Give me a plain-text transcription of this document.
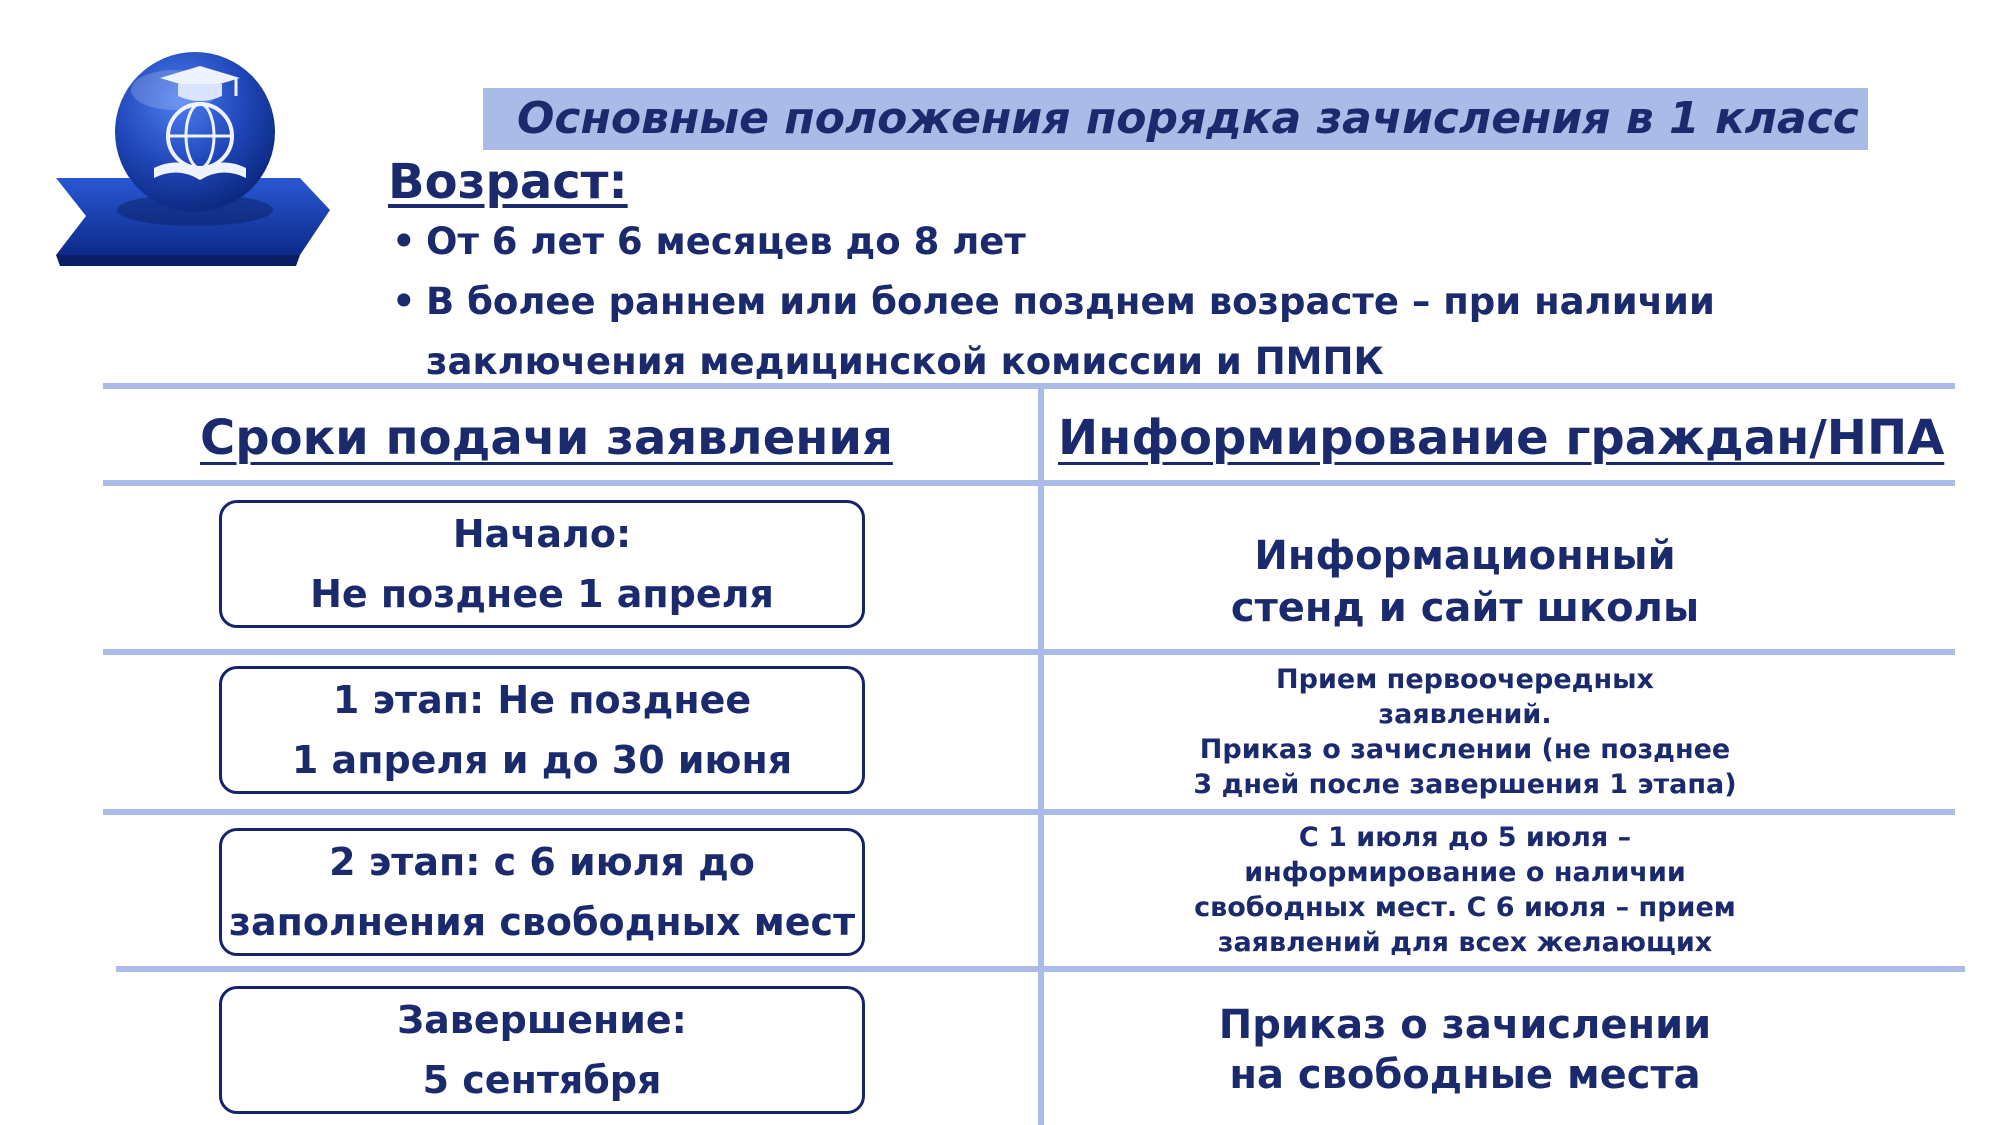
Основные положения порядка зачисления в 1 класс
Возраст:
• От 6 лет 6 месяцев до 8 лет
• В более раннем или более позднем возрасте – при наличии заключения медицинской комиссии и ПМПК
Сроки подачи заявления	Информирование граждан/НПА
Начало:
Не позднее 1 апреля
1 этап: Не позднее
1 апреля и до 30 июня
2 этап: с 6 июля до
заполнения свободных мест
Завершение:
5 сентября
Информационный
стенд и сайт школы
Прием первоочередных
заявлений.
Приказ о зачислении (не позднее
3 дней после завершения 1 этапа)
С 1 июля до 5 июля –
информирование о наличии
свободных мест. С 6 июля – прием
заявлений для всех желающих
Приказ о зачислении
на свободные места
